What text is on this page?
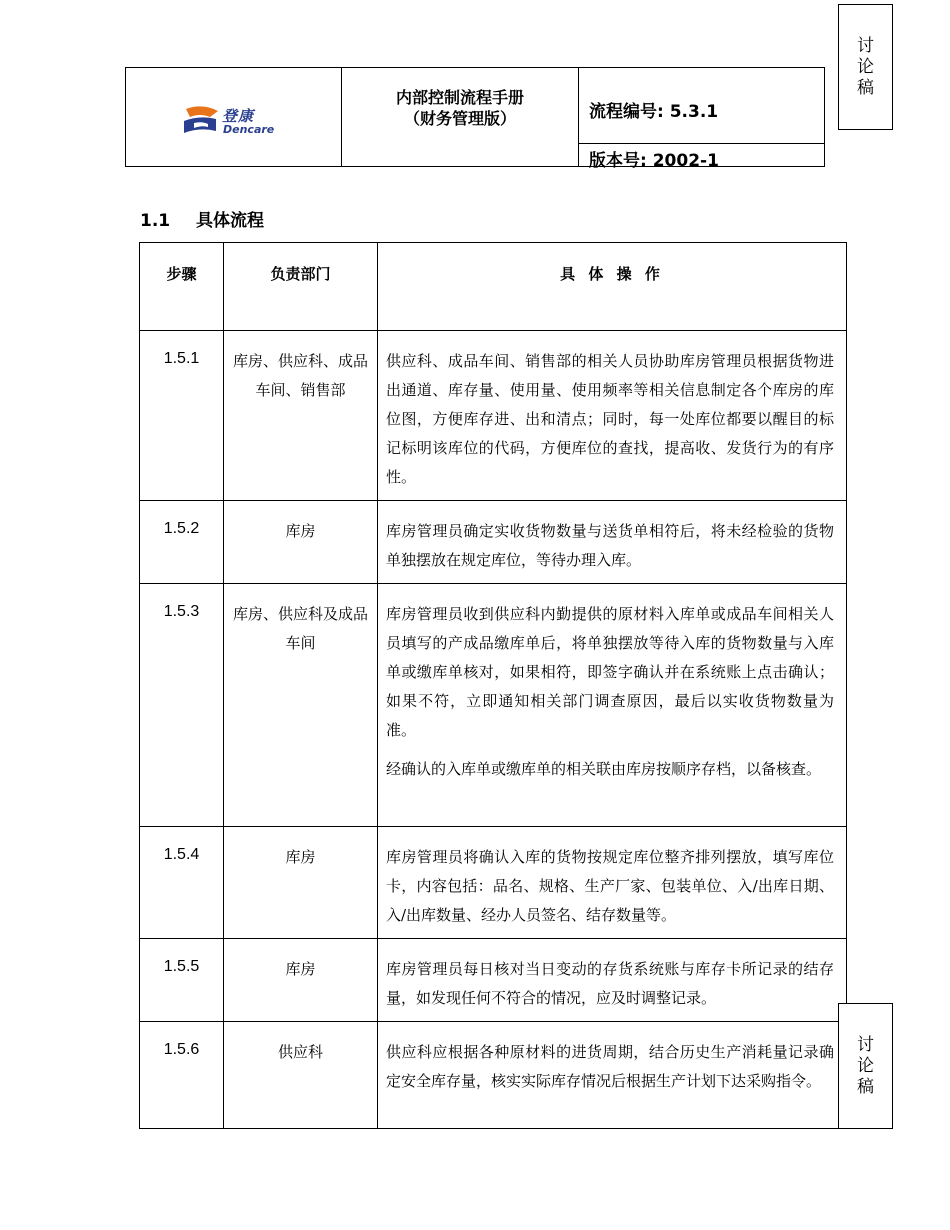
讨
论
稿
登康
Dencare
内部控制流程手册
（财务管理版）	流程编号: 5.3.1
版本号: 2002-1
1.1 具体流程
步骤	负责部门	具 体 操 作
1.5.1	库房、供应科、成品车间、销售部	供应科、成品车间、销售部的相关人员协助库房管理员根据货物进出通道、库存量、使用量、使用频率等相关信息制定各个库房的库位图，方便库存进、出和清点；同时，每一处库位都要以醒目的标记标明该库位的代码，方便库位的查找，提高收、发货行为的有序性。

1.5.2	库房	库房管理员确定实收货物数量与送货单相符后，将未经检验的货物单独摆放在规定库位，等待办理入库。

1.5.3	库房、供应科及成品车间	库房管理员收到供应科内勤提供的原材料入库单或成品车间相关人员填写的产成品缴库单后，将单独摆放等待入库的货物数量与入库单或缴库单核对，如果相符，即签字确认并在系统账上点击确认；如果不符，立即通知相关部门调查原因，最后以实收货物数量为准。

经确认的入库单或缴库单的相关联由库房按顺序存档，以备核查。

1.5.4	库房	库房管理员将确认入库的货物按规定库位整齐排列摆放，填写库位卡，内容包括：品名、规格、生产厂家、包装单位、入/出库日期、入/出库数量、经办人员签名、结存数量等。

1.5.5	库房	库房管理员每日核对当日变动的存货系统账与库存卡所记录的结存量，如发现任何不符合的情况，应及时调整记录。

1.5.6	供应科	供应科应根据各种原材料的进货周期，结合历史生产消耗量记录确定安全库存量，核实实际库存情况后根据生产计划下达采购指令。

讨
论
稿
